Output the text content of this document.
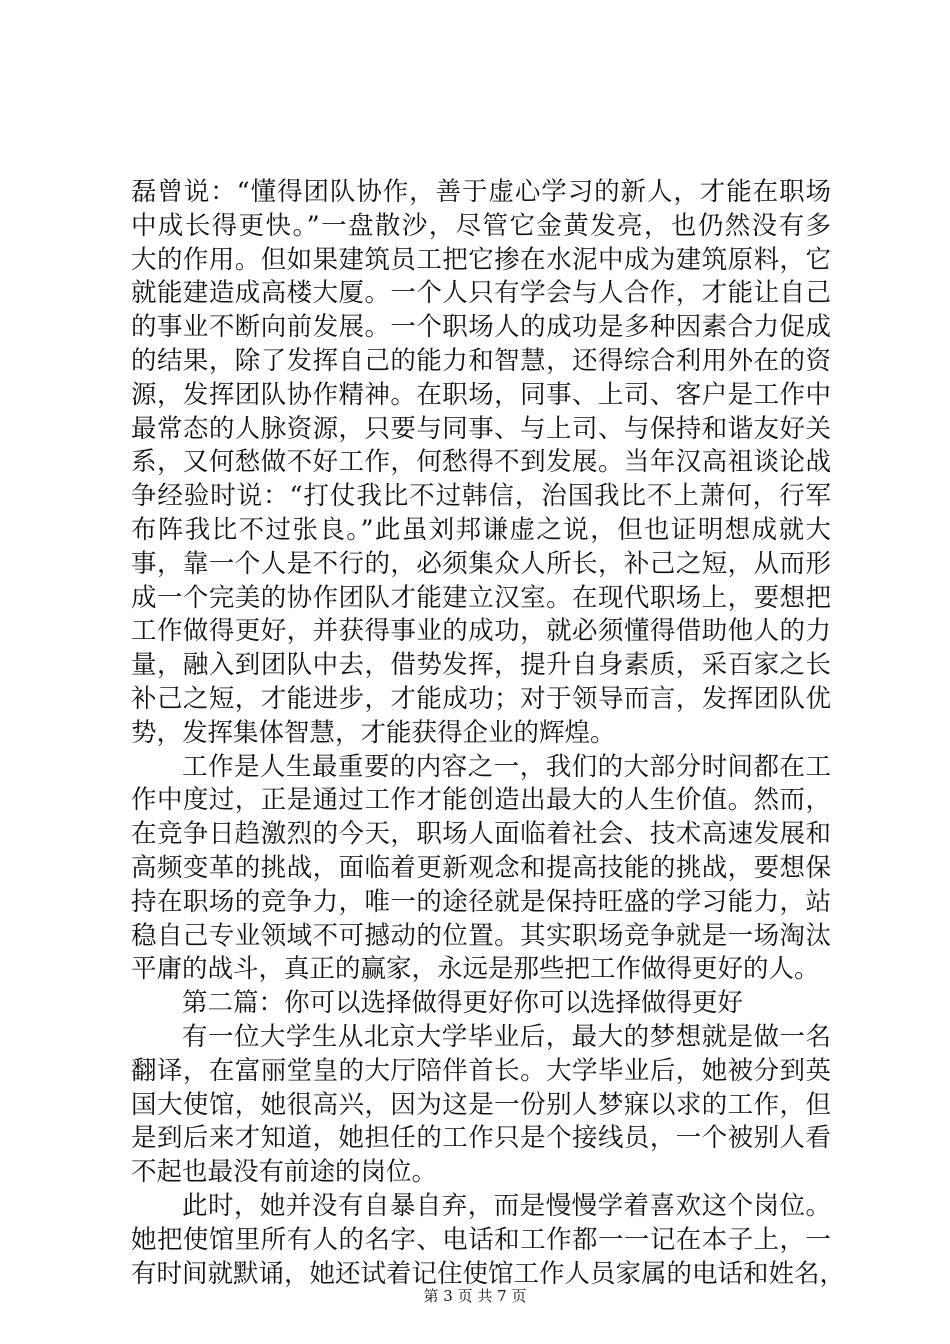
磊曾说：“懂得团队协作，善于虚心学习的新人，才能在职场
中成长得更快。”一盘散沙，尽管它金黄发亮，也仍然没有多
大的作用。但如果建筑员工把它掺在水泥中成为建筑原料，它
就能建造成高楼大厦。一个人只有学会与人合作，才能让自己
的事业不断向前发展。一个职场人的成功是多种因素合力促成
的结果，除了发挥自己的能力和智慧，还得综合利用外在的资
源，发挥团队协作精神。在职场，同事、上司、客户是工作中
最常态的人脉资源，只要与同事、与上司、与保持和谐友好关
系，又何愁做不好工作，何愁得不到发展。当年汉高祖谈论战
争经验时说：“打仗我比不过韩信，治国我比不上萧何，行军
布阵我比不过张良。”此虽刘邦谦虚之说，但也证明想成就大
事，靠一个人是不行的，必须集众人所长，补己之短，从而形
成一个完美的协作团队才能建立汉室。在现代职场上，要想把
工作做得更好，并获得事业的成功，就必须懂得借助他人的力
量，融入到团队中去，借势发挥，提升自身素质，采百家之长
补己之短，才能进步，才能成功；对于领导而言，发挥团队优
势，发挥集体智慧，才能获得企业的辉煌。
工作是人生最重要的内容之一，我们的大部分时间都在工
作中度过，正是通过工作才能创造出最大的人生价值。然而，
在竞争日趋激烈的今天，职场人面临着社会、技术高速发展和
高频变革的挑战，面临着更新观念和提高技能的挑战，要想保
持在职场的竞争力，唯一的途径就是保持旺盛的学习能力，站
稳自己专业领域不可撼动的位置。其实职场竞争就是一场淘汰
平庸的战斗，真正的赢家，永远是那些把工作做得更好的人。
第二篇：你可以选择做得更好你可以选择做得更好
有一位大学生从北京大学毕业后，最大的梦想就是做一名
翻译，在富丽堂皇的大厅陪伴首长。大学毕业后，她被分到英
国大使馆，她很高兴，因为这是一份别人梦寐以求的工作，但
是到后来才知道，她担任的工作只是个接线员，一个被别人看
不起也最没有前途的岗位。
此时，她并没有自暴自弃，而是慢慢学着喜欢这个岗位。
她把使馆里所有人的名字、电话和工作都一一记在本子上，一
有时间就默诵，她还试着记住使馆工作人员家属的电话和姓名，
第 3 页 共 7 页
